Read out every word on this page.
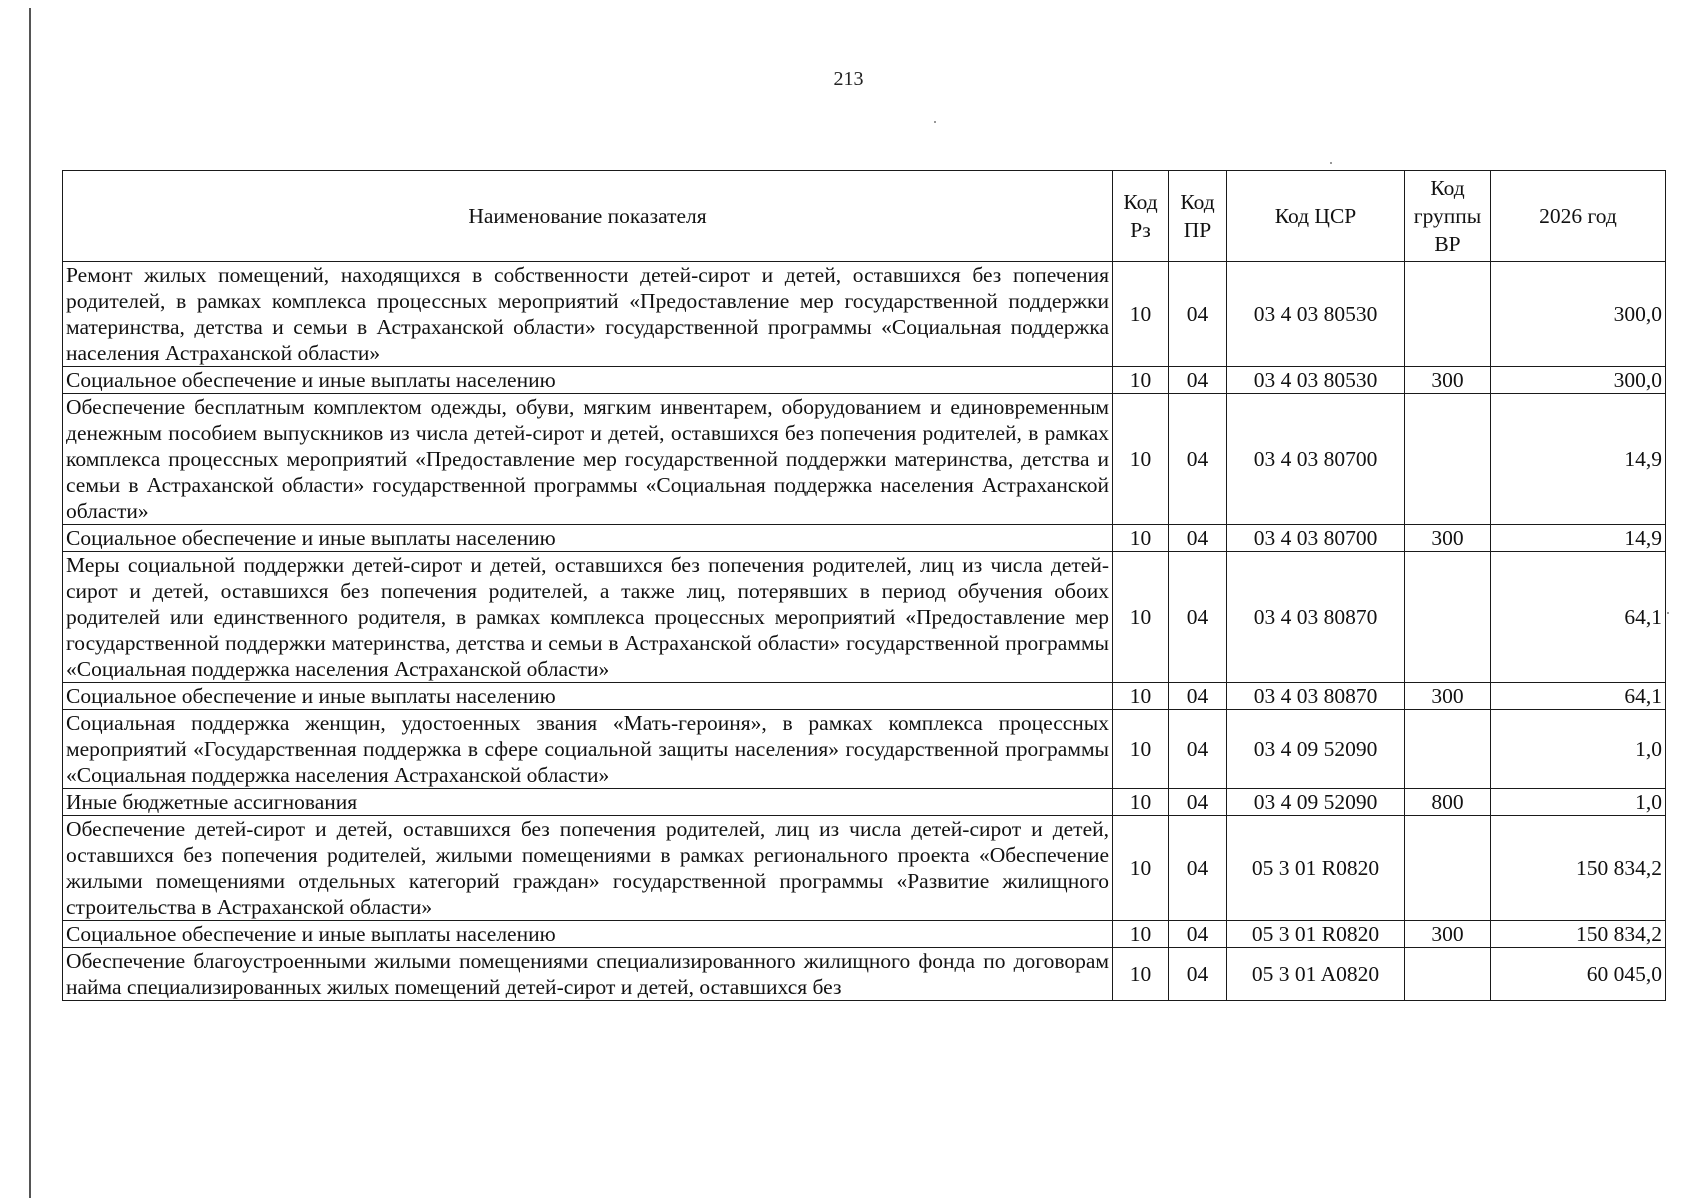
213
Наименование показателя	Код Рз	Код ПР	Код ЦСР	Код группы ВР	2026 год
Ремонт жилых помещений, находящихся в собственности детей-сирот и детей, оставшихся без попечения родителей, в рамках комплекса процессных мероприятий «Предоставление мер государственной поддержки материнства, детства и семьи в Астраханской области» государственной программы «Социальная поддержка населения Астраханской области»	10	04	03 4 03 80530		300,0
Социальное обеспечение и иные выплаты населению	10	04	03 4 03 80530	300	300,0
Обеспечение бесплатным комплектом одежды, обуви, мягким инвентарем, оборудованием и единовременным денежным пособием выпускников из числа детей-сирот и детей, оставшихся без попечения родителей, в рамках комплекса процессных мероприятий «Предоставление мер государственной поддержки материнства, детства и семьи в Астраханской области» государственной программы «Социальная поддержка населения Астраханской области»	10	04	03 4 03 80700		14,9
Социальное обеспечение и иные выплаты населению	10	04	03 4 03 80700	300	14,9
Меры социальной поддержки детей-сирот и детей, оставшихся без попечения родителей, лиц из числа детей-сирот и детей, оставшихся без попечения родителей, а также лиц, потерявших в период обучения обоих родителей или единственного родителя, в рамках комплекса процессных мероприятий «Предоставление мер государственной поддержки материнства, детства и семьи в Астраханской области» государственной программы «Социальная поддержка населения Астраханской области»	10	04	03 4 03 80870		64,1
Социальное обеспечение и иные выплаты населению	10	04	03 4 03 80870	300	64,1
Социальная поддержка женщин, удостоенных звания «Мать-героиня», в рамках комплекса процессных мероприятий «Государственная поддержка в сфере социальной защиты населения» государственной программы «Социальная поддержка населения Астраханской области»	10	04	03 4 09 52090		1,0
Иные бюджетные ассигнования	10	04	03 4 09 52090	800	1,0
Обеспечение детей-сирот и детей, оставшихся без попечения родителей, лиц из числа детей-сирот и детей, оставшихся без попечения родителей, жилыми помещениями в рамках регионального проекта «Обеспечение жилыми помещениями отдельных категорий граждан» государственной программы «Развитие жилищного строительства в Астраханской области»	10	04	05 3 01 R0820		150 834,2
Социальное обеспечение и иные выплаты населению	10	04	05 3 01 R0820	300	150 834,2
Обеспечение благоустроенными жилыми помещениями специализированного жилищного фонда по договорам найма специализированных жилых помещений детей-сирот и детей, оставшихся без	10	04	05 3 01 A0820		60 045,0
